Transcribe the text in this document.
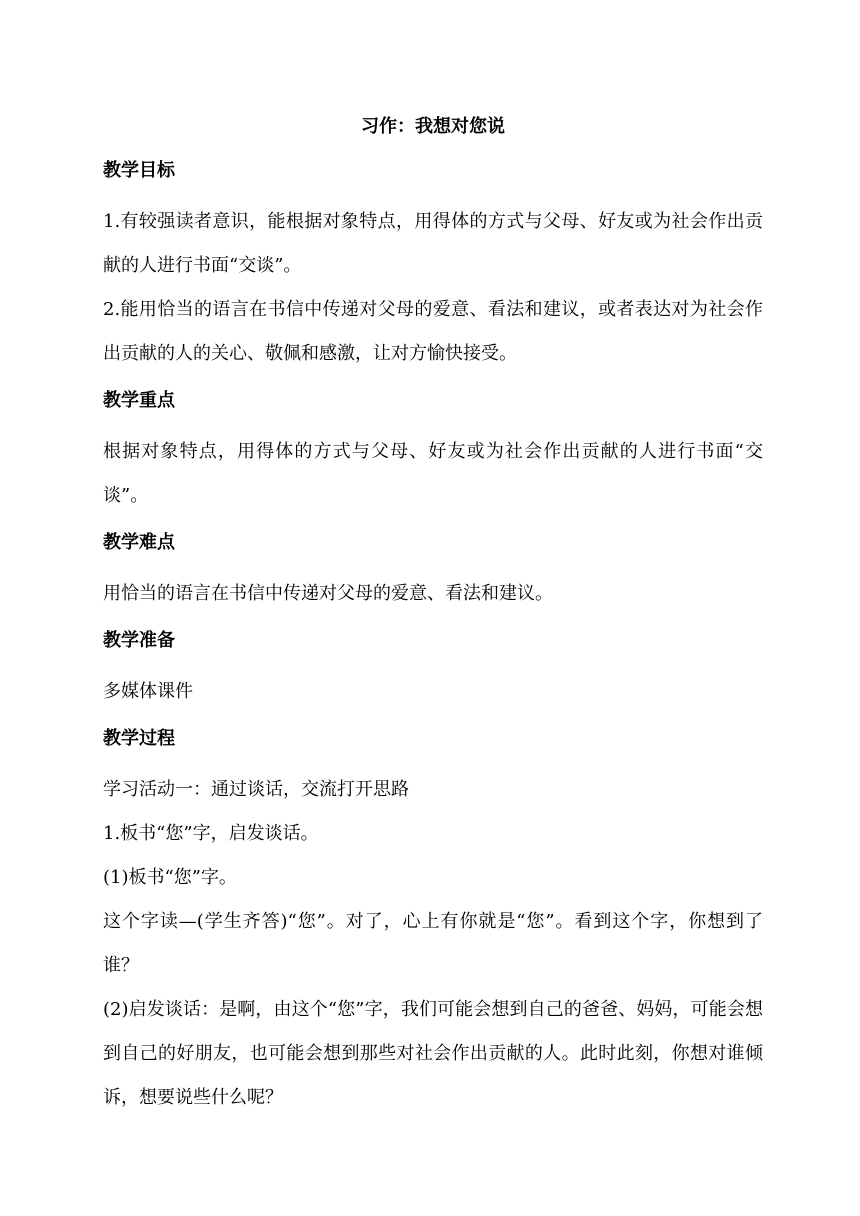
习作：我想对您说
教学目标

1.有较强读者意识，能根据对象特点，用得体的方式与父母、好友或为社会作出贡献的人进行书面“交谈”。

2.能用恰当的语言在书信中传递对父母的爱意、看法和建议，或者表达对为社会作出贡献的人的关心、敬佩和感激，让对方愉快接受。

教学重点

根据对象特点，用得体的方式与父母、好友或为社会作出贡献的人进行书面“交谈”。

教学难点

用恰当的语言在书信中传递对父母的爱意、看法和建议。

教学准备

多媒体课件

教学过程

学习活动一：通过谈话，交流打开思路

1.板书“您”字，启发谈话。

(1)板书“您”字。

这个字读—(学生齐答)“您”。对了，心上有你就是“您”。看到这个字，你想到了谁？

(2)启发谈话：是啊，由这个“您”字，我们可能会想到自己的爸爸、妈妈，可能会想到自己的好朋友，也可能会想到那些对社会作出贡献的人。此时此刻，你想对谁倾诉，想要说些什么呢？
